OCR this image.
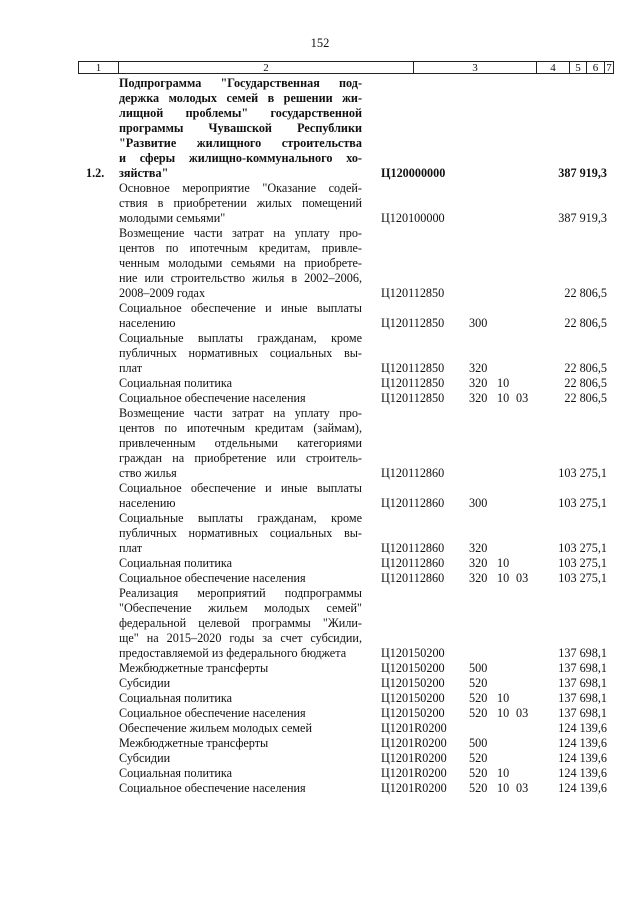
152
1	2	3	4	5	6 7
Подпрограмма "Государственная под-
держка молодых семей в решении жи-
лищной проблемы" государственной
программы Чувашской Республики
"Развитие жилищного строительства
и сферы жилищно-коммунального хо-
зяйства"
1.2.	Ц120000000	387 919,3
Основное мероприятие "Оказание содей-
ствия в приобретении жилых помещений
молодыми семьями"	Ц120100000	387 919,3
Возмещение части затрат на уплату про-
центов по ипотечным кредитам, привле-
ченным молодыми семьями на приобрете-
ние или строительство жилья в 2002–2006,
2008–2009 годах	Ц120112850	22 806,5
Социальное обеспечение и иные выплаты
населению	Ц120112850 300	22 806,5
Социальные выплаты гражданам, кроме
публичных нормативных социальных вы-
плат	Ц120112850 320	22 806,5
Социальная политика	Ц120112850 320 10	22 806,5
Социальное обеспечение населения	Ц120112850 320 10 03	22 806,5
Возмещение части затрат на уплату про-
центов по ипотечным кредитам (займам),
привлеченным отдельными категориями
граждан на приобретение или строитель-
ство жилья	Ц120112860	103 275,1
Социальное обеспечение и иные выплаты
населению	Ц120112860 300	103 275,1
Социальные выплаты гражданам, кроме
публичных нормативных социальных вы-
плат	Ц120112860 320	103 275,1
Социальная политика	Ц120112860 320 10	103 275,1
Социальное обеспечение населения	Ц120112860 320 10 03	103 275,1
Реализация мероприятий подпрограммы
"Обеспечение жильем молодых семей"
федеральной целевой программы "Жили-
ще" на 2015–2020 годы за счет субсидии,
предоставляемой из федерального бюджета	Ц120150200	137 698,1
Межбюджетные трансферты	Ц120150200 500	137 698,1
Субсидии	Ц120150200 520	137 698,1
Социальная политика	Ц120150200 520 10	137 698,1
Социальное обеспечение населения	Ц120150200 520 10 03	137 698,1
Обеспечение жильем молодых семей	Ц1201R0200	124 139,6
Межбюджетные трансферты	Ц1201R0200 500	124 139,6
Субсидии	Ц1201R0200 520	124 139,6
Социальная политика	Ц1201R0200 520 10	124 139,6
Социальное обеспечение населения	Ц1201R0200 520 10 03	124 139,6
